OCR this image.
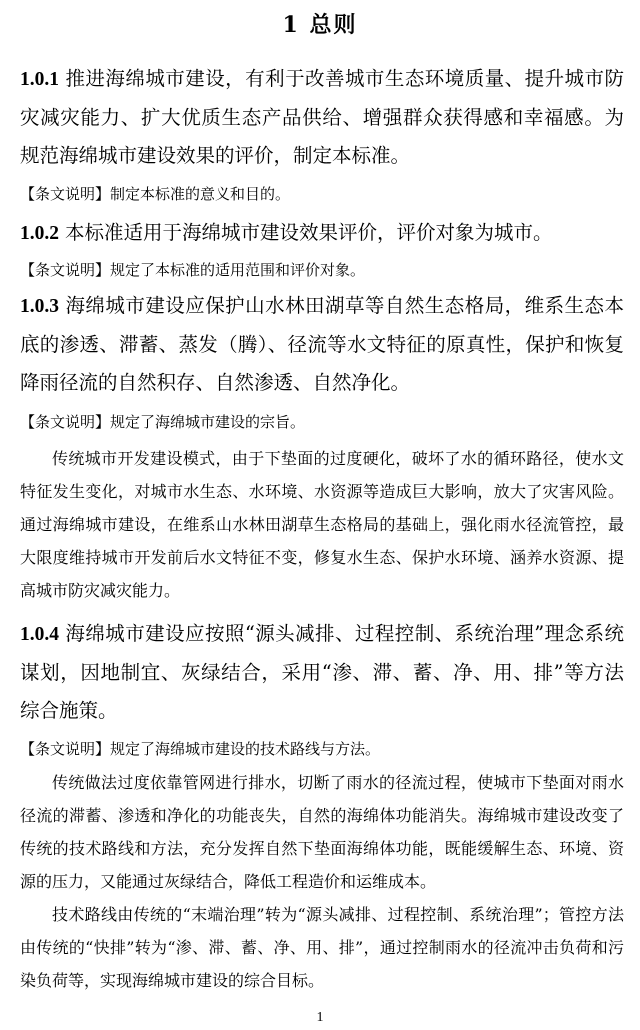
1 总则
1.0.1 推进海绵城市建设，有利于改善城市生态环境质量、提升城市防灾减灾能力、扩大优质生态产品供给、增强群众获得感和幸福感。为规范海绵城市建设效果的评价，制定本标准。
【条文说明】制定本标准的意义和目的。
1.0.2 本标准适用于海绵城市建设效果评价，评价对象为城市。
【条文说明】规定了本标准的适用范围和评价对象。
1.0.3 海绵城市建设应保护山水林田湖草等自然生态格局，维系生态本底的渗透、滞蓄、蒸发（腾）、径流等水文特征的原真性，保护和恢复降雨径流的自然积存、自然渗透、自然净化。
【条文说明】规定了海绵城市建设的宗旨。
传统城市开发建设模式，由于下垫面的过度硬化，破坏了水的循环路径，使水文特征发生变化，对城市水生态、水环境、水资源等造成巨大影响，放大了灾害风险。通过海绵城市建设，在维系山水林田湖草生态格局的基础上，强化雨水径流管控，最大限度维持城市开发前后水文特征不变，修复水生态、保护水环境、涵养水资源、提高城市防灾减灾能力。
1.0.4 海绵城市建设应按照“源头减排、过程控制、系统治理”理念系统谋划，因地制宜、灰绿结合，采用“渗、滞、蓄、净、用、排”等方法综合施策。
【条文说明】规定了海绵城市建设的技术路线与方法。
传统做法过度依靠管网进行排水，切断了雨水的径流过程，使城市下垫面对雨水径流的滞蓄、渗透和净化的功能丧失，自然的海绵体功能消失。海绵城市建设改变了传统的技术路线和方法，充分发挥自然下垫面海绵体功能，既能缓解生态、环境、资源的压力，又能通过灰绿结合，降低工程造价和运维成本。
技术路线由传统的“末端治理”转为“源头减排、过程控制、系统治理”；管控方法由传统的“快排”转为“渗、滞、蓄、净、用、排”，通过控制雨水的径流冲击负荷和污染负荷等，实现海绵城市建设的综合目标。
1
